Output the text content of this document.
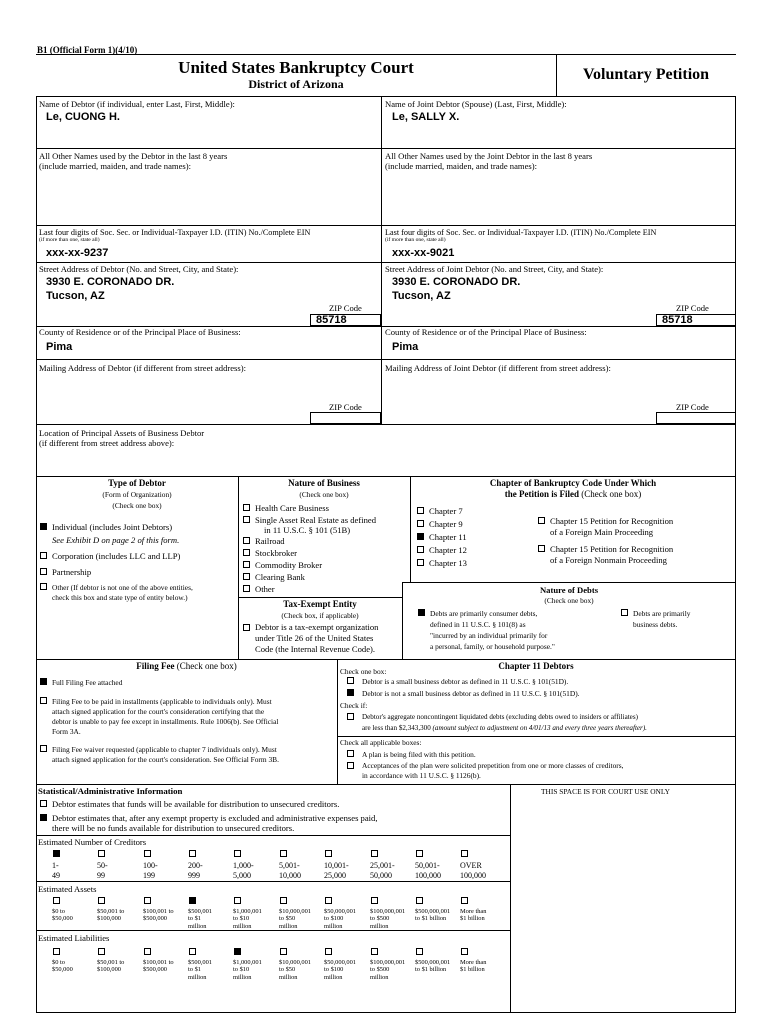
B1 (Official Form 1)(4/10)
United States Bankruptcy Court
District of Arizona
Voluntary Petition
Name of Debtor (if individual, enter Last, First, Middle):
Le, CUONG H.
Name of Joint Debtor (Spouse) (Last, First, Middle):
Le, SALLY X.
All Other Names used by the Debtor in the last 8 years
(include married, maiden, and trade names):
All Other Names used by the Joint Debtor in the last 8 years
(include married, maiden, and trade names):
Last four digits of Soc. Sec. or Individual-Taxpayer I.D. (ITIN) No./Complete EIN
(if more than one, state all)
xxx-xx-9237
Last four digits of Soc. Sec. or Individual-Taxpayer I.D. (ITIN) No./Complete EIN
(if more than one, state all)
xxx-xx-9021
Street Address of Debtor (No. and Street, City, and State):
3930 E. CORONADO DR.
Tucson, AZ
ZIP Code
85718
Street Address of Joint Debtor (No. and Street, City, and State):
3930 E. CORONADO DR.
Tucson, AZ
ZIP Code
85718
County of Residence or of the Principal Place of Business:
Pima
County of Residence or of the Principal Place of Business:
Pima
Mailing Address of Debtor (if different from street address):
ZIP Code
Mailing Address of Joint Debtor (if different from street address):
ZIP Code
Location of Principal Assets of Business Debtor
(if different from street address above):
Type of Debtor
(Form of Organization)
(Check one box)
Individual (includes Joint Debtors)
See Exhibit D on page 2 of this form.
Corporation (includes LLC and LLP)
Partnership
Other (If debtor is not one of the above entities,
check this box and state type of entity below.)
Nature of Business
(Check one box)
Health Care Business
Single Asset Real Estate as defined
in 11 U.S.C. § 101 (51B)
Railroad
Stockbroker
Commodity Broker
Clearing Bank
Other
Tax-Exempt Entity
(Check box, if applicable)
Debtor is a tax-exempt organization
under Title 26 of the United States
Code (the Internal Revenue Code).
Chapter of Bankruptcy Code Under Which
the Petition is Filed (Check one box)
Chapter 7
Chapter 9
Chapter 11
Chapter 12
Chapter 13
Chapter 15 Petition for Recognition
of a Foreign Main Proceeding
Chapter 15 Petition for Recognition
of a Foreign Nonmain Proceeding
Nature of Debts
(Check one box)
Debts are primarily consumer debts,
defined in 11 U.S.C. § 101(8) as
"incurred by an individual primarily for
a personal, family, or household purpose."
Debts are primarily
business debts.
Filing Fee (Check one box)
Full Filing Fee attached
Filing Fee to be paid in installments (applicable to individuals only). Must
attach signed application for the court's consideration certifying that the
debtor is unable to pay fee except in installments. Rule 1006(b). See Official
Form 3A.
Filing Fee waiver requested (applicable to chapter 7 individuals only). Must
attach signed application for the court's consideration. See Official Form 3B.
Check one box:
Chapter 11 Debtors
Debtor is a small business debtor as defined in 11 U.S.C. § 101(51D).
Debtor is not a small business debtor as defined in 11 U.S.C. § 101(51D).
Check if:
Debtor's aggregate noncontingent liquidated debts (excluding debts owed to insiders or affiliates)
are less than $2,343,300 (amount subject to adjustment on 4/01/13 and every three years thereafter).
Check all applicable boxes:
A plan is being filed with this petition.
Acceptances of the plan were solicited prepetition from one or more classes of creditors,
in accordance with 11 U.S.C. § 1126(b).
Statistical/Administrative Information	THIS SPACE IS FOR COURT USE ONLY
Debtor estimates that funds will be available for distribution to unsecured creditors.
Debtor estimates that, after any exempt property is excluded and administrative expenses paid,
there will be no funds available for distribution to unsecured creditors.
Estimated Number of Creditors
1-
49
50-
99
100-
199
200-
999
1,000-
5,000
5,001-
10,000
10,001-
25,000
25,001-
50,000
50,001-
100,000
OVER
100,000
Estimated Assets
$0 to
$50,000
$50,001 to
$100,000
$100,001 to
$500,000
$500,001
to $1
million
$1,000,001
to $10
million
$10,000,001
to $50
million
$50,000,001
to $100
million
$100,000,001
to $500
million
$500,000,001
to $1 billion
More than
$1 billion
Estimated Liabilities
$0 to
$50,000
$50,001 to
$100,000
$100,001 to
$500,000
$500,001
to $1
million
$1,000,001
to $10
million
$10,000,001
to $50
million
$50,000,001
to $100
million
$100,000,001
to $500
million
$500,000,001
to $1 billion
More than
$1 billion
